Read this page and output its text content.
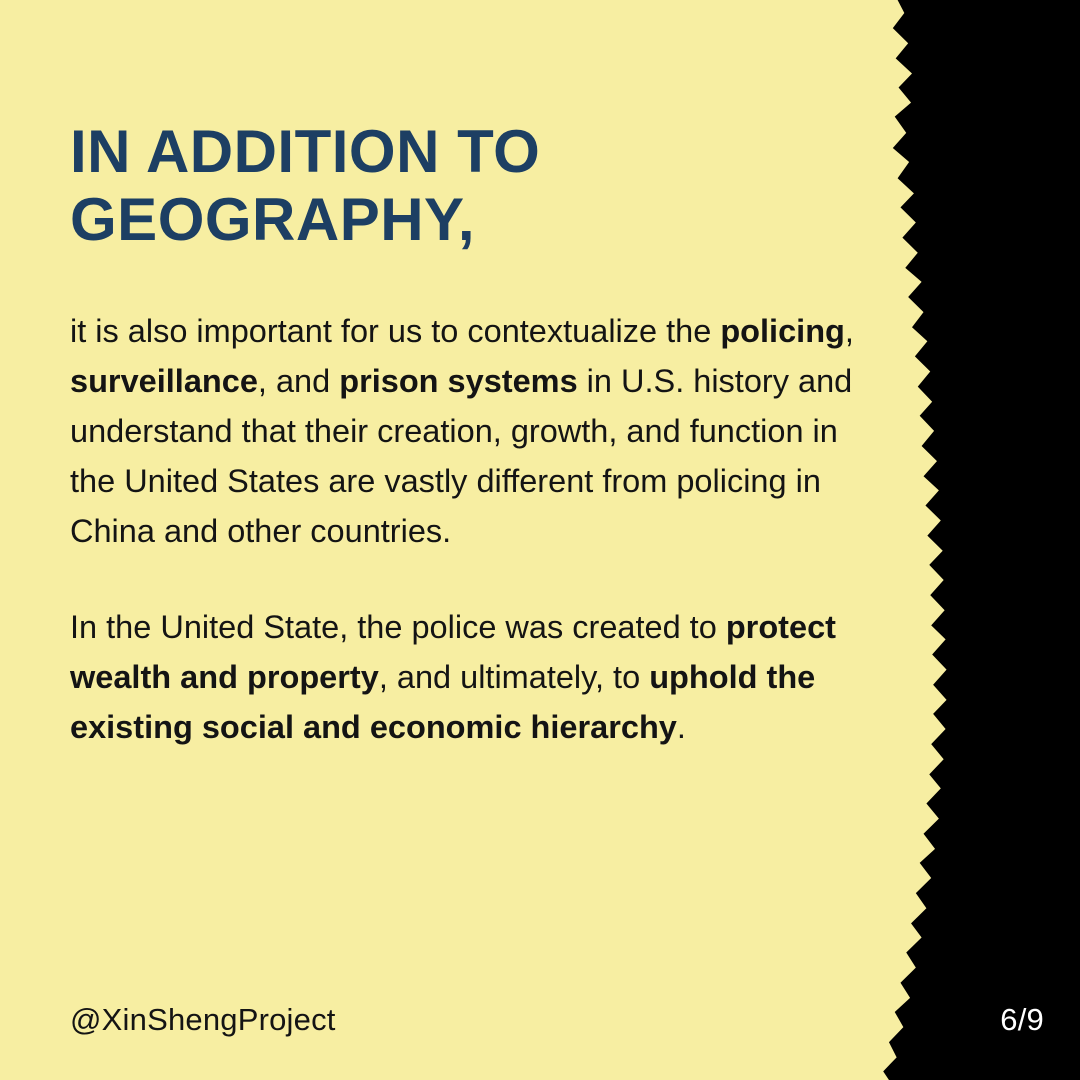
IN ADDITION TO GEOGRAPHY,

it is also important for us to contextualize the policing, surveillance, and prison systems in U.S. history and understand that their creation, growth, and function in the United States are vastly different from policing in China and other countries.

In the United State, the police was created to protect wealth and property, and ultimately, to uphold the existing social and economic hierarchy.

@XinShengProject	6/9
